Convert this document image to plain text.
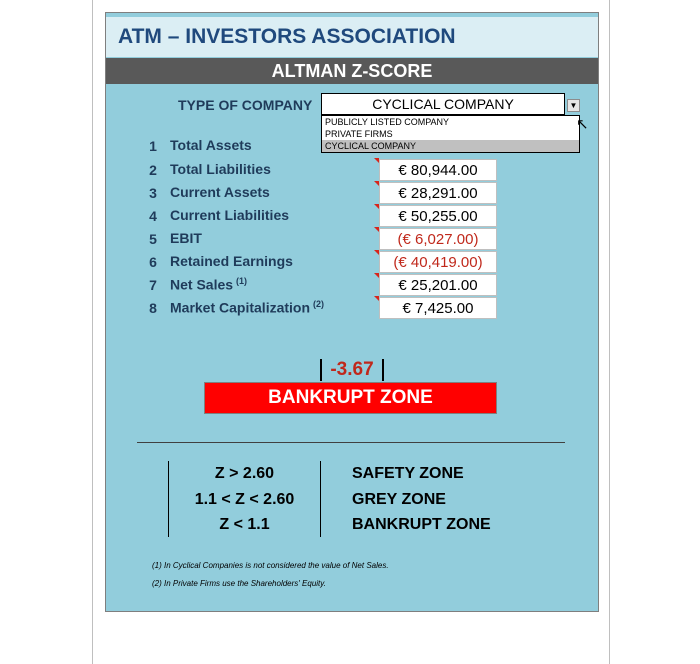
ATM – INVESTORS ASSOCIATION
ALTMAN Z-SCORE
TYPE OF COMPANY	CYCLICAL COMPANY	▼
PUBLICLY LISTED COMPANY
PRIVATE FIRMS
CYCLICAL COMPANY
↖
1 Total Assets
2 Total Liabilities	€ 80,944.00
3 Current Assets	€ 28,291.00
4 Current Liabilities	€ 50,255.00
5 EBIT	(€ 6,027.00)
6 Retained Earnings	(€ 40,419.00)
7 Net Sales $^{(1)}$	€ 25,201.00
8 Market Capitalization $^{(2)}$	€ 7,425.00
-3.67
BANKRUPT ZONE
Z > 2.60	SAFETY ZONE
1.1 < Z < 2.60	GREY ZONE
Z < 1.1	BANKRUPT ZONE
(1) In Cyclical Companies is not considered the value of Net Sales.
(2) In Private Firms use the Shareholders' Equity.
Optimized for 1280x1024 resolution and works best with Microsoft Excel 2008 and up.
Designed and developed by Octávio Vieira © 2007-2008 ATM | associação de investidores All Rights Reserved
